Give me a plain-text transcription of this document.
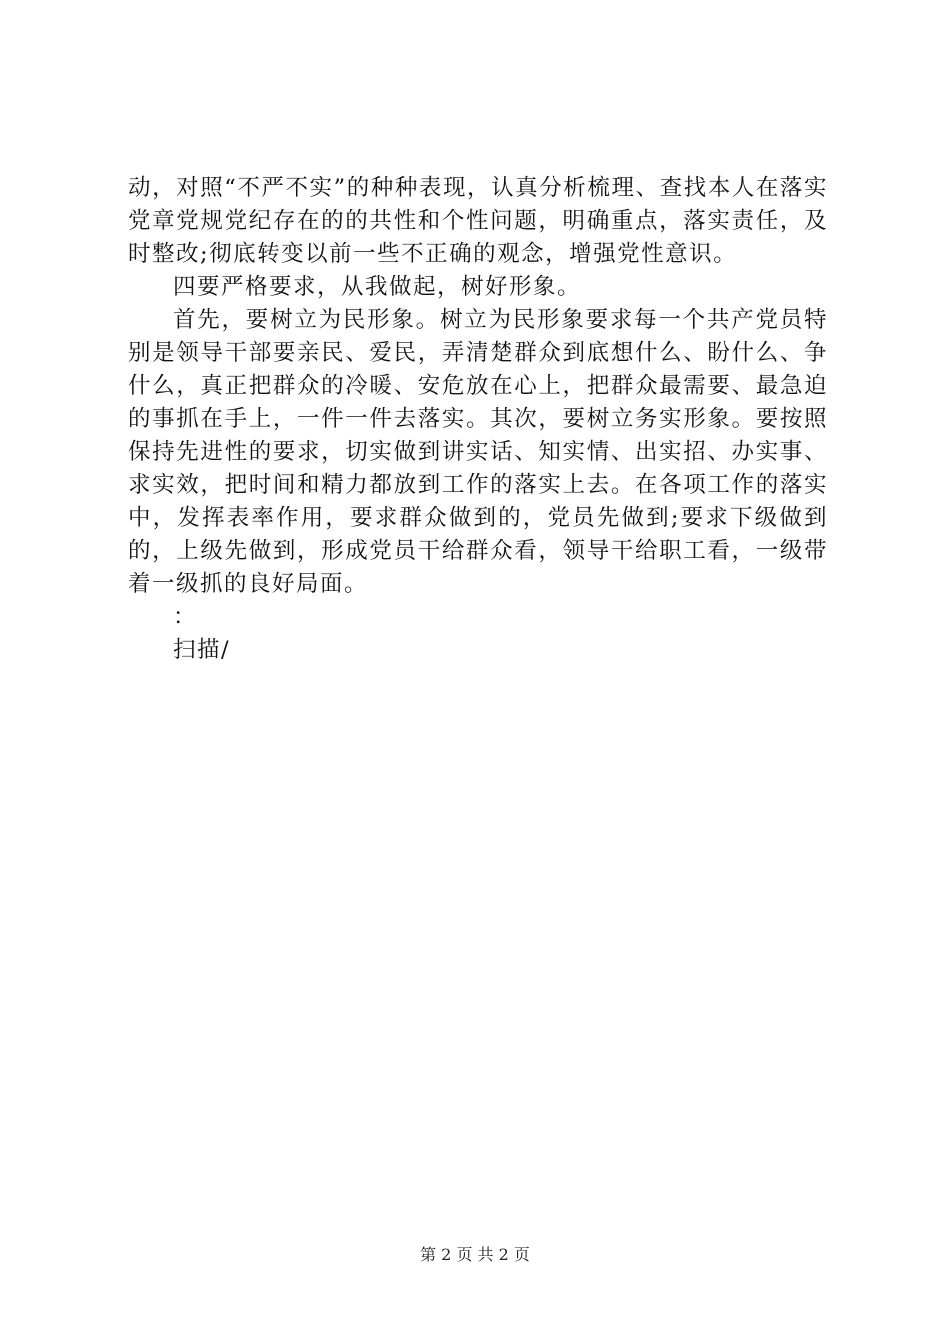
动，对照“不严不实”的种种表现，认真分析梳理、查找本人在落实党章党规党纪存在的的共性和个性问题，明确重点，落实责任，及时整改;彻底转变以前一些不正确的观念，增强党性意识。

四要严格要求，从我做起，树好形象。

首先，要树立为民形象。树立为民形象要求每一个共产党员特别是领导干部要亲民、爱民，弄清楚群众到底想什么、盼什么、争什么，真正把群众的冷暖、安危放在心上，把群众最需要、最急迫的事抓在手上，一件一件去落实。其次，要树立务实形象。要按照保持先进性的要求，切实做到讲实话、知实情、出实招、办实事、求实效，把时间和精力都放到工作的落实上去。在各项工作的落实中，发挥表率作用，要求群众做到的，党员先做到;要求下级做到的，上级先做到，形成党员干给群众看，领导干给职工看，一级带着一级抓的良好局面。

：

扫描/

第 2 页 共 2 页
